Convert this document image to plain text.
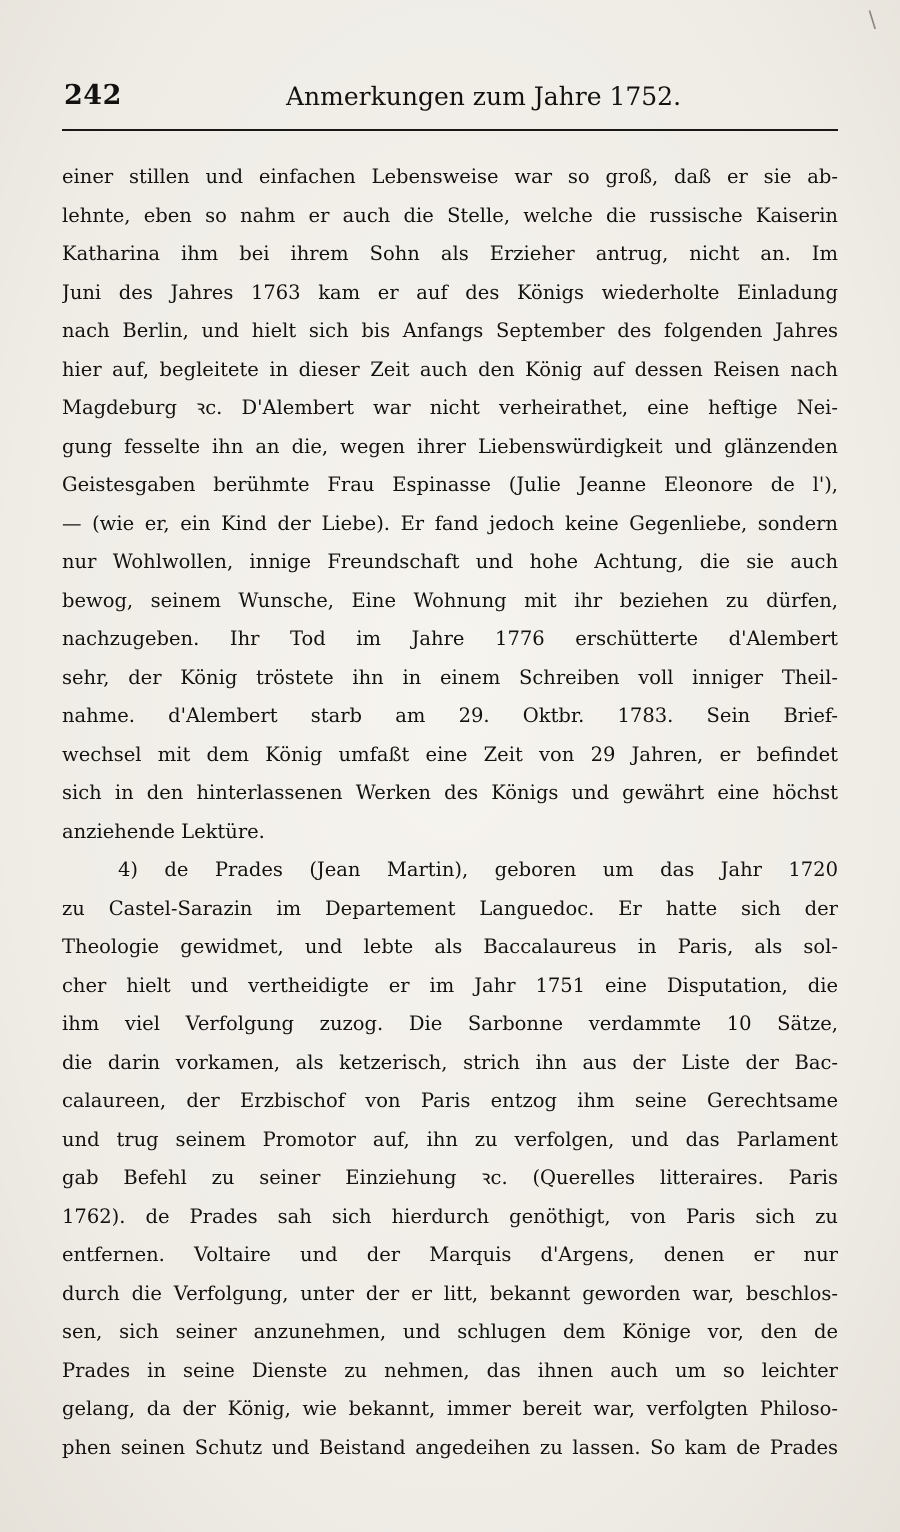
\
242	Anmerkungen zum Jahre 1752.
einer stillen und einfachen Lebensweise war so groß, daß er sie ab-
lehnte, eben so nahm er auch die Stelle, welche die russische Kaiserin
Katharina ihm bei ihrem Sohn als Erzieher antrug, nicht an. Im
Juni des Jahres 1763 kam er auf des Königs wiederholte Einladung
nach Berlin, und hielt sich bis Anfangs September des folgenden Jahres
hier auf, begleitete in dieser Zeit auch den König auf dessen Reisen nach
Magdeburg ꝛc. D'Alembert war nicht verheirathet, eine heftige Nei-
gung fesselte ihn an die, wegen ihrer Liebenswürdigkeit und glänzenden
Geistesgaben berühmte Frau Espinasse (Julie Jeanne Eleonore de l'),
— (wie er, ein Kind der Liebe). Er fand jedoch keine Gegenliebe, sondern
nur Wohlwollen, innige Freundschaft und hohe Achtung, die sie auch
bewog, seinem Wunsche, Eine Wohnung mit ihr beziehen zu dürfen,
nachzugeben. Ihr Tod im Jahre 1776 erschütterte d'Alembert
sehr, der König tröstete ihn in einem Schreiben voll inniger Theil-
nahme. d'Alembert starb am 29. Oktbr. 1783. Sein Brief-
wechsel mit dem König umfaßt eine Zeit von 29 Jahren, er befindet
sich in den hinterlassenen Werken des Königs und gewährt eine höchst
anziehende Lektüre.
4) de Prades (Jean Martin), geboren um das Jahr 1720
zu Castel-Sarazin im Departement Languedoc. Er hatte sich der
Theologie gewidmet, und lebte als Baccalaureus in Paris, als sol-
cher hielt und vertheidigte er im Jahr 1751 eine Disputation, die
ihm viel Verfolgung zuzog. Die Sarbonne verdammte 10 Sätze,
die darin vorkamen, als ketzerisch, strich ihn aus der Liste der Bac-
calaureen, der Erzbischof von Paris entzog ihm seine Gerechtsame
und trug seinem Promotor auf, ihn zu verfolgen, und das Parlament
gab Befehl zu seiner Einziehung ꝛc. (Querelles litteraires. Paris
1762). de Prades sah sich hierdurch genöthigt, von Paris sich zu
entfernen. Voltaire und der Marquis d'Argens, denen er nur
durch die Verfolgung, unter der er litt, bekannt geworden war, beschlos-
sen, sich seiner anzunehmen, und schlugen dem Könige vor, den de
Prades in seine Dienste zu nehmen, das ihnen auch um so leichter
gelang, da der König, wie bekannt, immer bereit war, verfolgten Philoso-
phen seinen Schutz und Beistand angedeihen zu lassen. So kam de Prades
